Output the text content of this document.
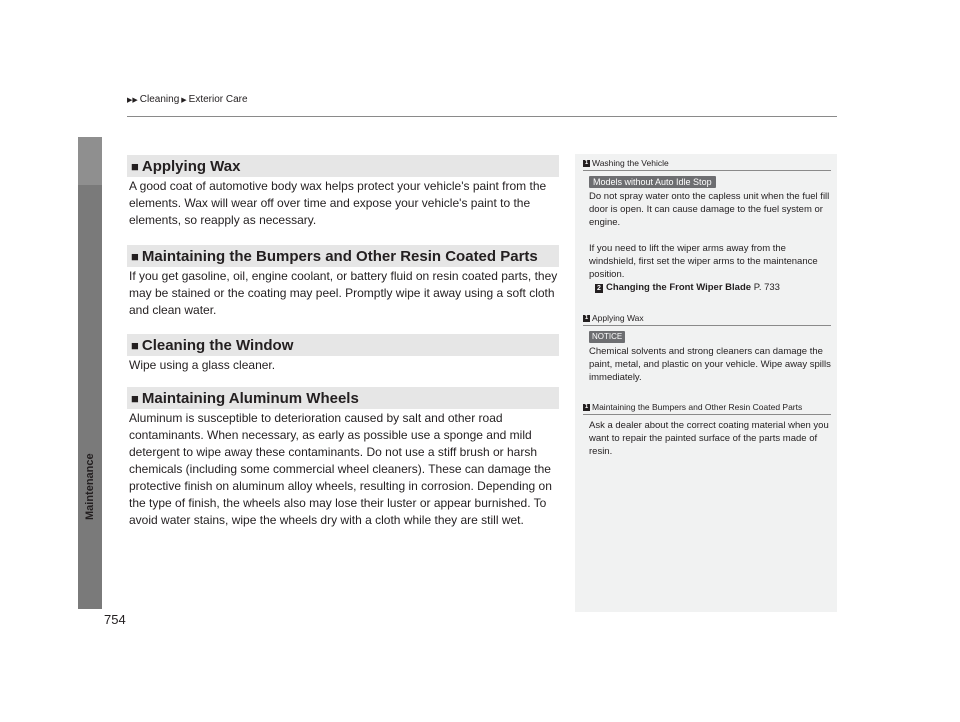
Maintenance
▶▶ Cleaning ▶ Exterior Care
■ Applying Wax

A good coat of automotive body wax helps protect your vehicle's paint from the elements. Wax will wear off over time and expose your vehicle's paint to the elements, so reapply as necessary.

■ Maintaining the Bumpers and Other Resin Coated Parts

If you get gasoline, oil, engine coolant, or battery fluid on resin coated parts, they may be stained or the coating may peel. Promptly wipe it away using a soft cloth and clean water.

■ Cleaning the Window

Wipe using a glass cleaner.

■ Maintaining Aluminum Wheels

Aluminum is susceptible to deterioration caused by salt and other road contaminants. When necessary, as early as possible use a sponge and mild detergent to wipe away these contaminants. Do not use a stiff brush or harsh chemicals (including some commercial wheel cleaners). These can damage the protective finish on aluminum alloy wheels, resulting in corrosion. Depending on the type of finish, the wheels also may lose their luster or appear burnished. To avoid water stains, wipe the wheels dry with a cloth while they are still wet.

1 Washing the Vehicle
Models without Auto Idle Stop
Do not spray water onto the capless unit when the fuel fill door is open. It can cause damage to the fuel system or engine.
If you need to lift the wiper arms away from the windshield, first set the wiper arms to the maintenance position.
2 Changing the Front Wiper Blade P. 733
1 Applying Wax
NOTICE
Chemical solvents and strong cleaners can damage the paint, metal, and plastic on your vehicle. Wipe away spills immediately.
1 Maintaining the Bumpers and Other Resin Coated Parts
Ask a dealer about the correct coating material when you want to repair the painted surface of the parts made of resin.
754
